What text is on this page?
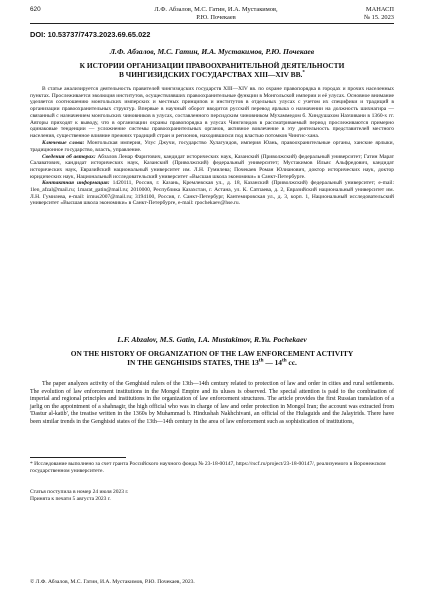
620	Л.Ф. Абзалов, М.С. Гатин, И.А. Мустакимов,
Р.Ю. Почекаев
МАНАСП
№ 15. 2023
DOI: 10.53737/7473.2023.69.65.022
Л.Ф. Абзалов, М.С. Гатин, И.А. Мустакимов, Р.Ю. Почекаев
К ИСТОРИИ ОРГАНИЗАЦИИ ПРАВООХРАНИТЕЛЬНОЙ ДЕЯТЕЛЬНОСТИ
В ЧИНГИЗИДСКИХ ГОСУДАРСТВАХ XIII—XIV ВВ.*

В статье анализируется деятельность правителей чингизидских государств XIII—XIV вв. по охране правопорядка в городах и прочих населенных пунктах. Прослеживается эволюция институтов, осуществлявших правоохранительные функции в Монгольской империи и её улусах. Основное внимание уделяется соотношению монгольских имперских и местных принципов и институтов в отдельных улусах с учетом их специфики и традиций в организации правоохранительных структур. Впервые в научный оборот вводится русский перевод ярлыка о назначении на должность шихнагира — связанный с назначением монгольских чиновников в улусах, составленного персидским чиновником Мухаммедом б. Хиндушахом Нахчивани в 1360-х гг. Авторы приходят к выводу, что в организации охраны правопорядка в улусах Чингизидов в рассматриваемый период прослеживаются примерно одинаковые тенденции — усложнение системы правоохранительных органов, активное вовлечение в эту деятельность представителей местного населения, существенное влияние прежних традиций стран и регионов, находившихся под властью потомков Чингис-хана.

Ключевые слова: Монгольская империя, Улус Джучи, государство Хулагуидов, империя Юань, правоохранительные органы, ханские ярлыки, традиционное государство, власть, управление.

Сведения об авторах: Абзалов Ленар Фаритович, кандидат исторических наук, Казанский (Приволжский) федеральный университет; Гатин Марат Салаватович, кандидат исторических наук, Казанский (Приволжский) федеральный университет; Мустакимов Ильяс Альфредович, кандидат исторических наук, Евразийский национальный университет им. Л.Н. Гумилева; Почекаев Роман Юлианович, доктор исторических наук, доктор юридических наук, Национальный исследовательский университет «Высшая школа экономики» в Санкт-Петербурге.

Контактная информация: 1420111, Россия, г. Казань, Кремлевская ул., д. 18, Казанский (Приволжский) федеральный университет; e-mail: 1len_afzal@mail.ru; 1marat_gatin@mail.ru; 2010000, Республика Казахстан, г. Астана, ул. К. Сатпаева, д. 2, Евразийский национальный университет им. Л.Н. Гумилева, e-mail: irmus2007@mail.ru; 3194100, Россия, г. Санкт-Петербург, Кантемировская ул., д. 3, корп. 1, Национальный исследовательский университет «Высшая школа экономики» в Санкт-Петербурге, e-mail: rpochekaev@hse.ru.

L.F. Abzalov, M.S. Gatin, I.A. Mustakimov, R.Yu. Pochekaev
ON THE HISTORY OF ORGANIZATION OF THE LAW ENFORCEMENT ACTIVITY
IN THE GENGHISIDS STATES, THE 13th — 14th cc.

The paper analyzes activity of the Genghisid rulers of the 13th—14th century related to protection of law and order in cities and rural settlements. The evolution of law enforcement institutions in the Mongol Empire and its uluses is observed. The special attention is paid to the combination of imperial and regional principles and institutions in the organization of law enforcement structures. The article provides the first Russian translation of a jarlig on the appointment of a shahnagir, the high official who was in charge of law and order protection in Mongol Iran; the account was extracted from 'Dastur al-katib', the treatise written in the 1360s by Muhammad b. Hindushah Nakhchivani, an official of the Hulaguids and the Jalayirids. There have been similar trends in the Genghisid states of the 13th—14th century in the area of law enforcement such as sophistication of institutions,

* Исследование выполнено за счет гранта Российского научного фонда № 23-18-00147, https://rscf.ru/project/23-18-00147/, реализуемого в Воронежском государственном университете.
Статья поступила в номер 24 июля 2023 г.
Принята к печати 5 августа 2023 г.
© Л.Ф. Абзалов, М.С. Гатин, И.А. Мустакимов, Р.Ю. Почекаев, 2023.
